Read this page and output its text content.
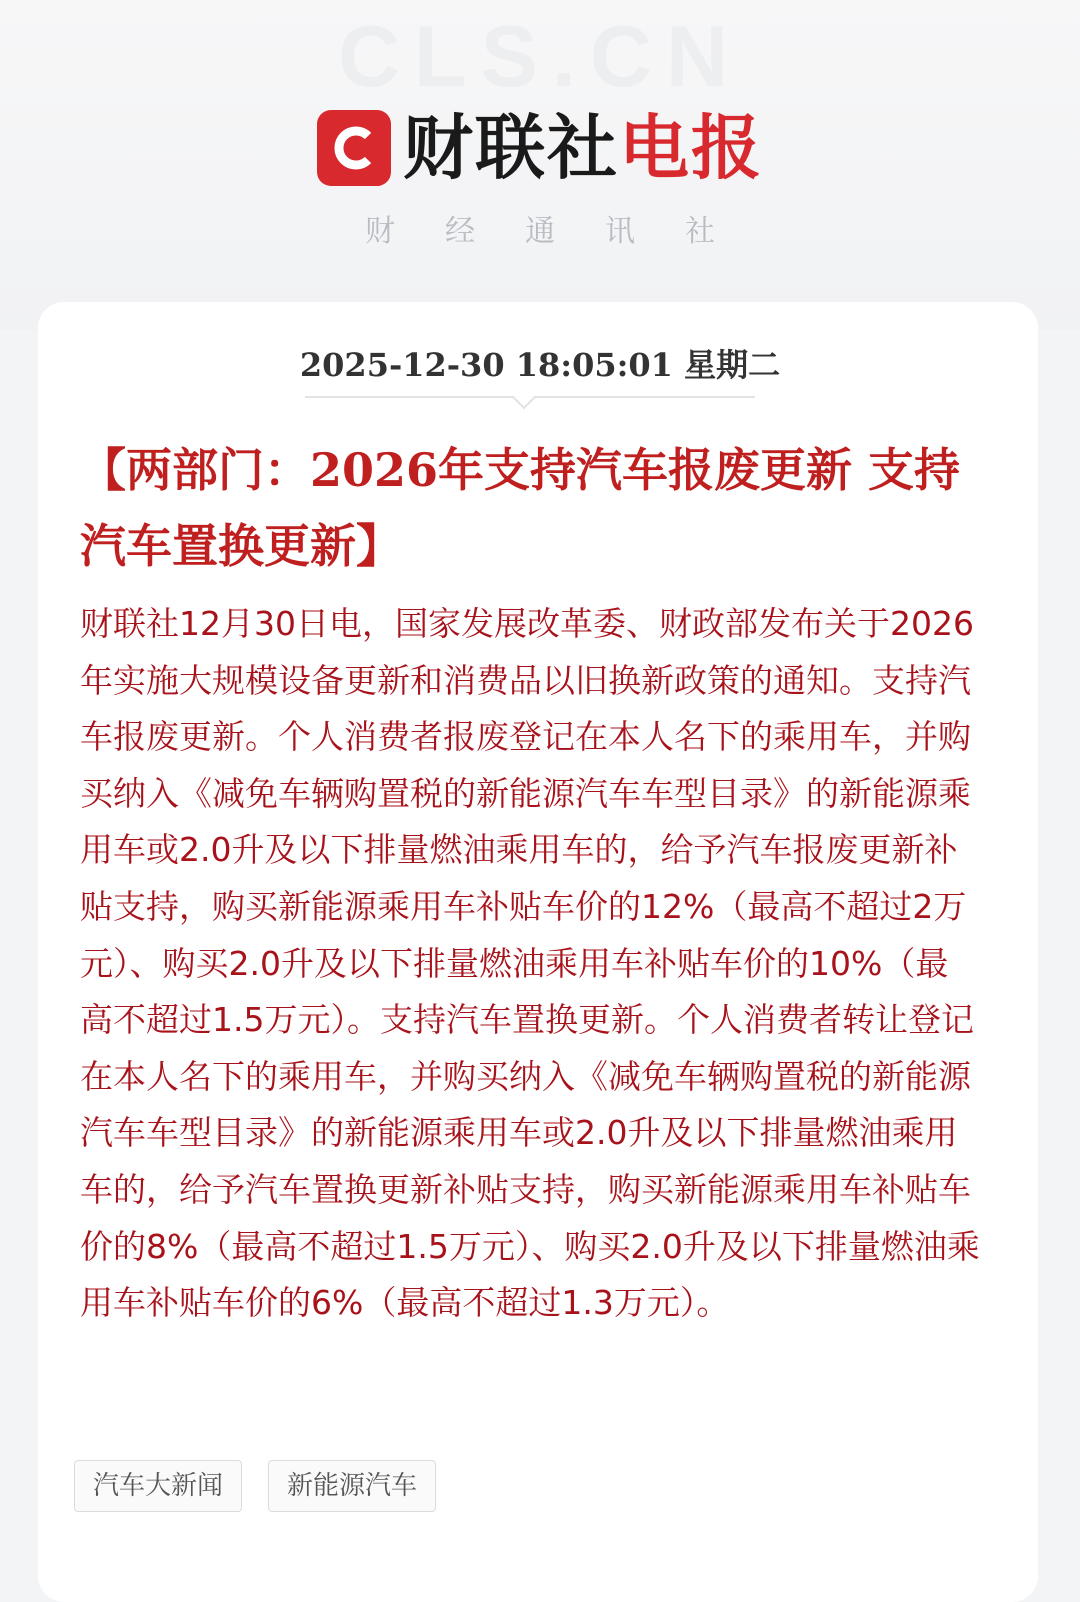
CLS.CN
财联社电报
财经通讯社
2025-12-30 18:05:01 星期二
【两部门：2026年支持汽车报废更新 支持汽车置换更新】
财联社12月30日电，国家发展改革委、财政部发布关于2026年实施大规模设备更新和消费品以旧换新政策的通知。支持汽车报废更新。个人消费者报废登记在本人名下的乘用车，并购买纳入《减免车辆购置税的新能源汽车车型目录》的新能源乘用车或2.0升及以下排量燃油乘用车的，给予汽车报废更新补贴支持，购买新能源乘用车补贴车价的12%（最高不超过2万元）、购买2.0升及以下排量燃油乘用车补贴车价的10%（最高不超过1.5万元）。支持汽车置换更新。个人消费者转让登记在本人名下的乘用车，并购买纳入《减免车辆购置税的新能源汽车车型目录》的新能源乘用车或2.0升及以下排量燃油乘用车的，给予汽车置换更新补贴支持，购买新能源乘用车补贴车价的8%（最高不超过1.5万元）、购买2.0升及以下排量燃油乘用车补贴车价的6%（最高不超过1.3万元）。
汽车大新闻	新能源汽车
